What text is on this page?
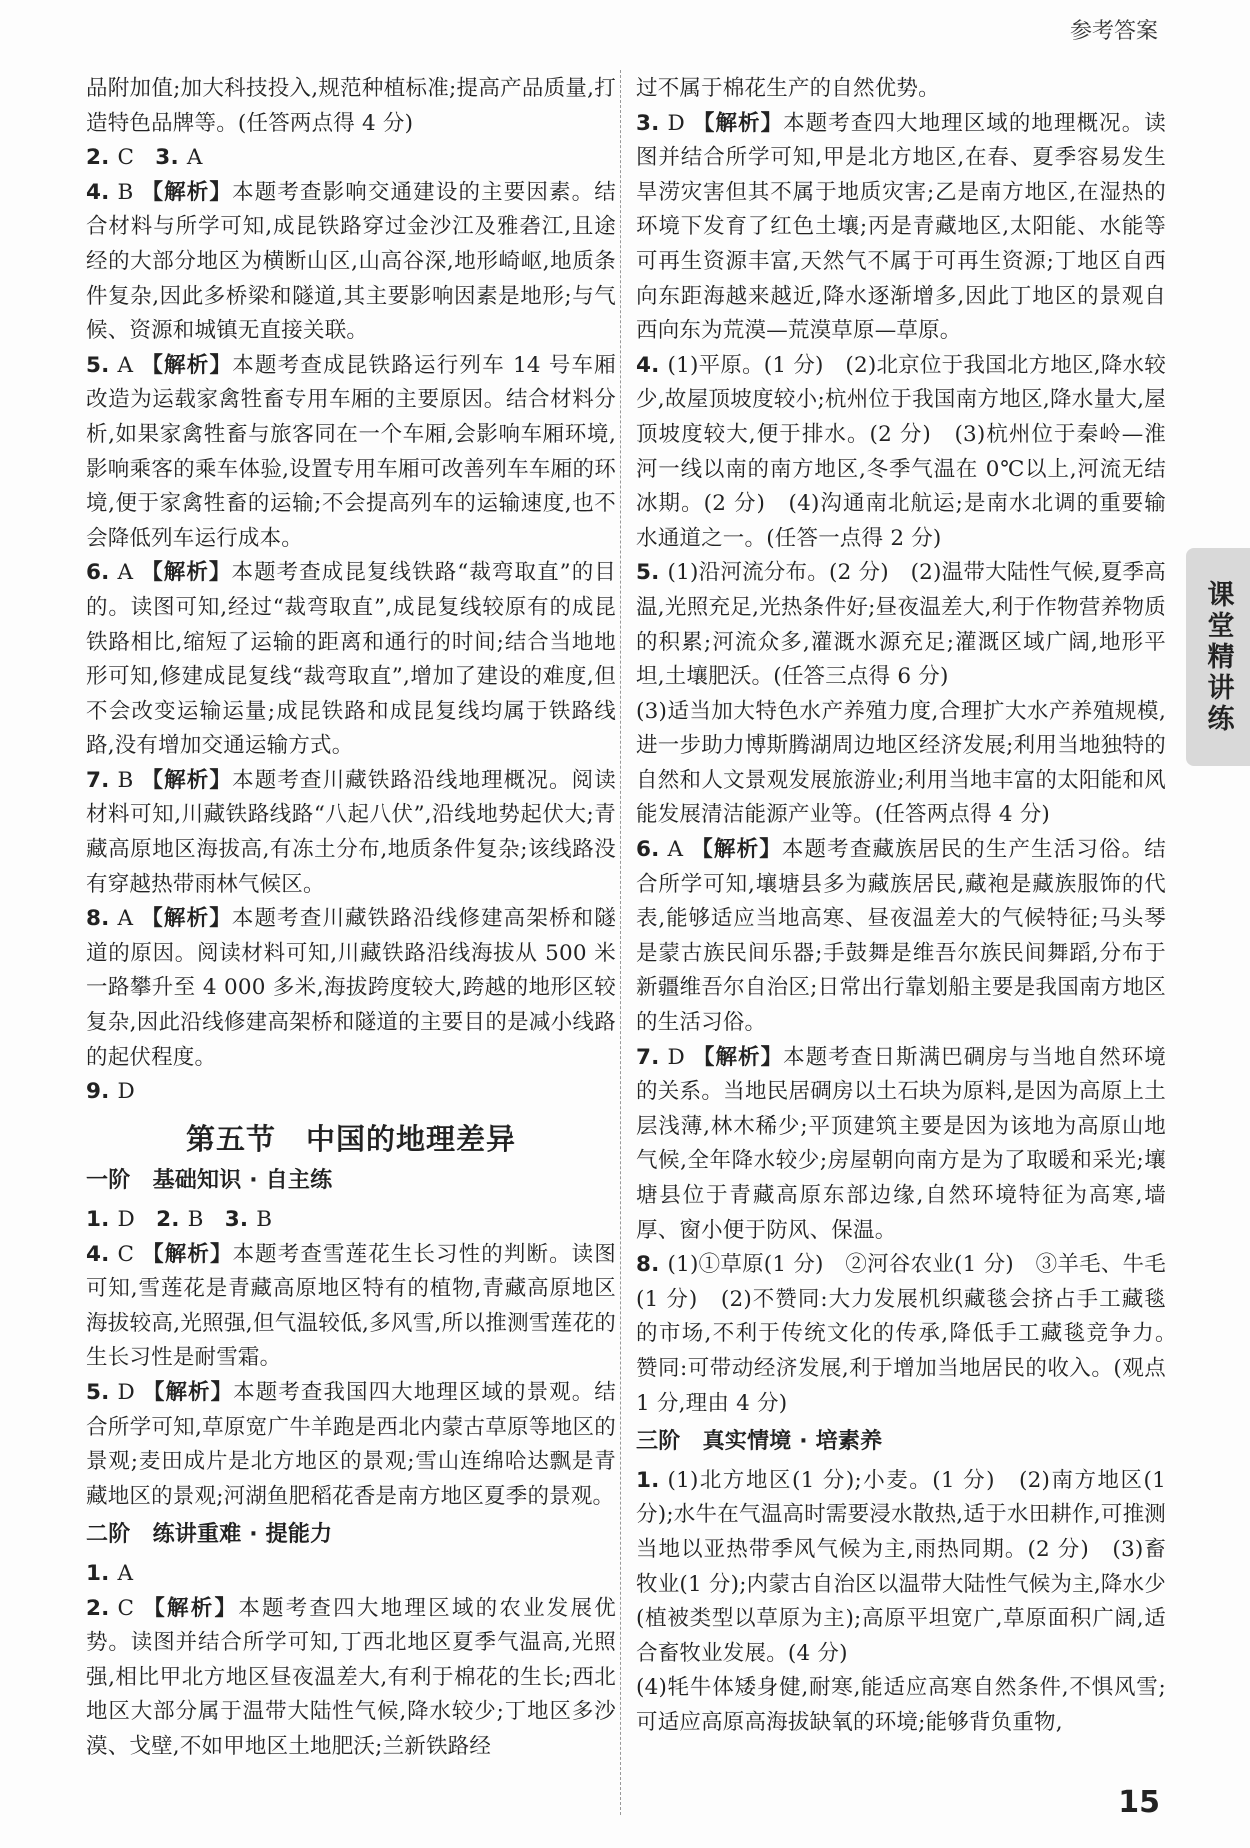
参考答案

品附加值;加大科技投入,规范种植标准;提高产品质量,打造特色品牌等。(任答两点得 4 分)

2. C 3. A

4. B 【解析】本题考查影响交通建设的主要因素。结合材料与所学可知,成昆铁路穿过金沙江及雅砻江,且途经的大部分地区为横断山区,山高谷深,地形崎岖,地质条件复杂,因此多桥梁和隧道,其主要影响因素是地形;与气候、资源和城镇无直接关联。

5. A 【解析】本题考查成昆铁路运行列车 14 号车厢改造为运载家禽牲畜专用车厢的主要原因。结合材料分析,如果家禽牲畜与旅客同在一个车厢,会影响车厢环境,影响乘客的乘车体验,设置专用车厢可改善列车车厢的环境,便于家禽牲畜的运输;不会提高列车的运输速度,也不会降低列车运行成本。

6. A 【解析】本题考查成昆复线铁路“裁弯取直”的目的。读图可知,经过“裁弯取直”,成昆复线较原有的成昆铁路相比,缩短了运输的距离和通行的时间;结合当地地形可知,修建成昆复线“裁弯取直”,增加了建设的难度,但不会改变运输运量;成昆铁路和成昆复线均属于铁路线路,没有增加交通运输方式。

7. B 【解析】本题考查川藏铁路沿线地理概况。阅读材料可知,川藏铁路线路“八起八伏”,沿线地势起伏大;青藏高原地区海拔高,有冻土分布,地质条件复杂;该线路没有穿越热带雨林气候区。

8. A 【解析】本题考查川藏铁路沿线修建高架桥和隧道的原因。阅读材料可知,川藏铁路沿线海拔从 500 米一路攀升至 4 000 多米,海拔跨度较大,跨越的地形区较复杂,因此沿线修建高架桥和隧道的主要目的是减小线路的起伏程度。

9. D

第五节　中国的地理差异
一阶　基础知识 · 自主练

1. D 2. B 3. B

4. C 【解析】本题考查雪莲花生长习性的判断。读图可知,雪莲花是青藏高原地区特有的植物,青藏高原地区海拔较高,光照强,但气温较低,多风雪,所以推测雪莲花的生长习性是耐雪霜。

5. D 【解析】本题考查我国四大地理区域的景观。结合所学可知,草原宽广牛羊跑是西北内蒙古草原等地区的景观;麦田成片是北方地区的景观;雪山连绵哈达飘是青藏地区的景观;河湖鱼肥稻花香是南方地区夏季的景观。

二阶　练讲重难 · 提能力

1. A

2. C 【解析】本题考查四大地理区域的农业发展优势。读图并结合所学可知,丁西北地区夏季气温高,光照强,相比甲北方地区昼夜温差大,有利于棉花的生长;西北地区大部分属于温带大陆性气候,降水较少;丁地区多沙漠、戈壁,不如甲地区土地肥沃;兰新铁路经

过不属于棉花生产的自然优势。

3. D 【解析】本题考查四大地理区域的地理概况。读图并结合所学可知,甲是北方地区,在春、夏季容易发生旱涝灾害但其不属于地质灾害;乙是南方地区,在湿热的环境下发育了红色土壤;丙是青藏地区,太阳能、水能等可再生资源丰富,天然气不属于可再生资源;丁地区自西向东距海越来越近,降水逐渐增多,因此丁地区的景观自西向东为荒漠—荒漠草原—草原。

4. (1)平原。(1 分)　(2)北京位于我国北方地区,降水较少,故屋顶坡度较小;杭州位于我国南方地区,降水量大,屋顶坡度较大,便于排水。(2 分)　(3)杭州位于秦岭—淮河一线以南的南方地区,冬季气温在 0℃以上,河流无结冰期。(2 分)　(4)沟通南北航运;是南水北调的重要输水通道之一。(任答一点得 2 分)

5. (1)沿河流分布。(2 分)　(2)温带大陆性气候,夏季高温,光照充足,光热条件好;昼夜温差大,利于作物营养物质的积累;河流众多,灌溉水源充足;灌溉区域广阔,地形平坦,土壤肥沃。(任答三点得 6 分)

(3)适当加大特色水产养殖力度,合理扩大水产养殖规模,进一步助力博斯腾湖周边地区经济发展;利用当地独特的自然和人文景观发展旅游业;利用当地丰富的太阳能和风能发展清洁能源产业等。(任答两点得 4 分)

6. A 【解析】本题考查藏族居民的生产生活习俗。结合所学可知,壤塘县多为藏族居民,藏袍是藏族服饰的代表,能够适应当地高寒、昼夜温差大的气候特征;马头琴是蒙古族民间乐器;手鼓舞是维吾尔族民间舞蹈,分布于新疆维吾尔自治区;日常出行靠划船主要是我国南方地区的生活习俗。

7. D 【解析】本题考查日斯满巴碉房与当地自然环境的关系。当地民居碉房以土石块为原料,是因为高原上土层浅薄,林木稀少;平顶建筑主要是因为该地为高原山地气候,全年降水较少;房屋朝向南方是为了取暖和采光;壤塘县位于青藏高原东部边缘,自然环境特征为高寒,墙厚、窗小便于防风、保温。

8. (1)①草原(1 分)　②河谷农业(1 分)　③羊毛、牛毛(1 分)　(2)不赞同:大力发展机织藏毯会挤占手工藏毯的市场,不利于传统文化的传承,降低手工藏毯竞争力。　赞同:可带动经济发展,利于增加当地居民的收入。(观点 1 分,理由 4 分)

三阶　真实情境 · 培素养

1. (1)北方地区(1 分);小麦。(1 分)　(2)南方地区(1 分);水牛在气温高时需要浸水散热,适于水田耕作,可推测当地以亚热带季风气候为主,雨热同期。(2 分)　(3)畜牧业(1 分);内蒙古自治区以温带大陆性气候为主,降水少(植被类型以草原为主);高原平坦宽广,草原面积广阔,适合畜牧业发展。(4 分)

(4)牦牛体矮身健,耐寒,能适应高寒自然条件,不惧风雪;可适应高原高海拔缺氧的环境;能够背负重物,

课堂精讲练
15
